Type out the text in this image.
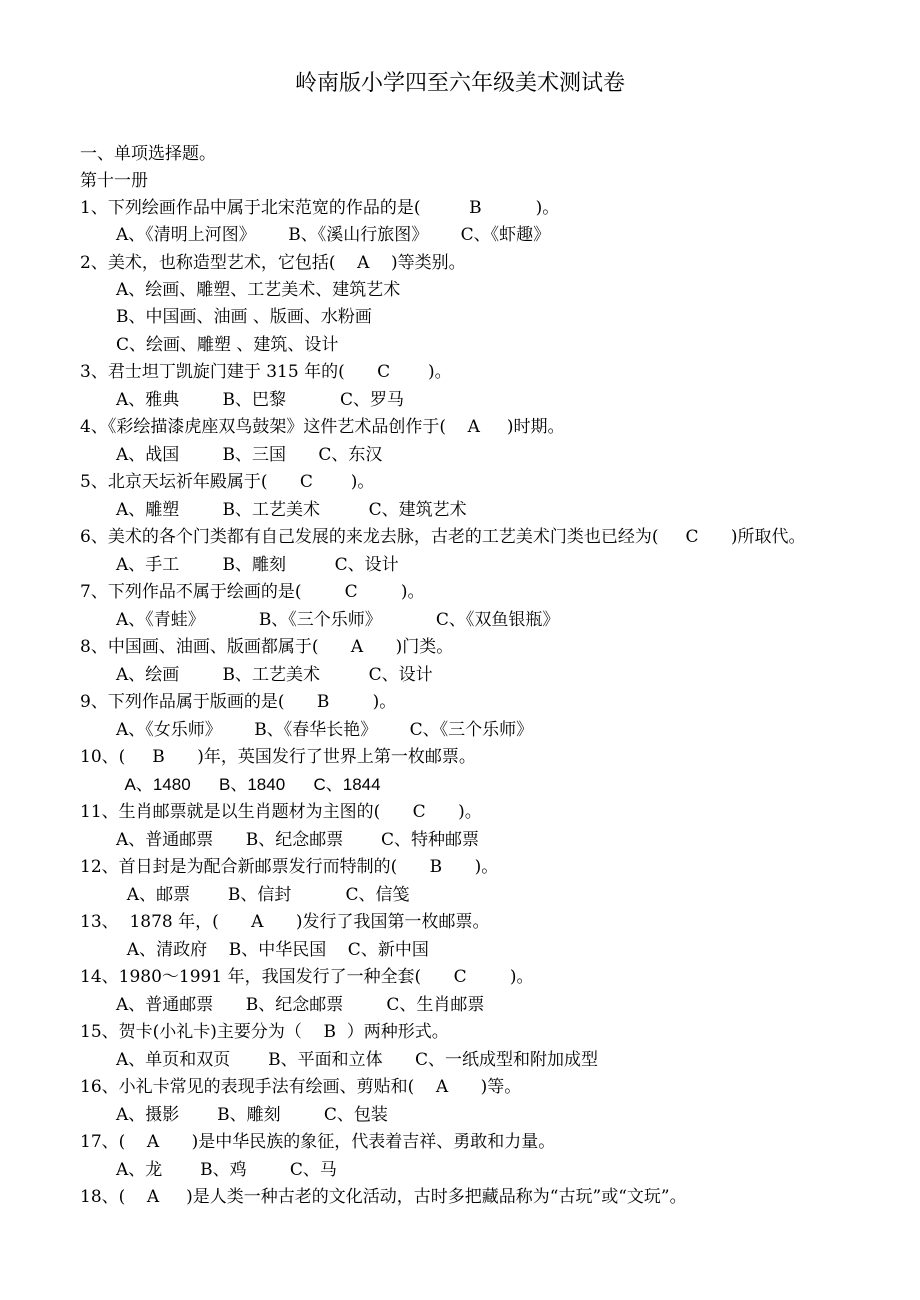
岭南版小学四至六年级美术测试卷
一、单项选择题。
第十一册
1、下列绘画作品中属于北宋范宽的作品的是(         B          )。
A、《清明上河图》      B、《溪山行旅图》      C、《虾趣》
2、美术，也称造型艺术，它包括(    A    )等类别。
A、绘画、雕塑、工艺美术、建筑艺术
B、中国画、油画 、版画、水粉画
C、绘画、雕塑 、建筑、设计
3、君士坦丁凯旋门建于 315 年的(      C       )。
A、雅典        B、巴黎          C、罗马
4、《彩绘描漆虎座双鸟鼓架》这件艺术品创作于(    A     )时期。
A、战国        B、三国      C、东汉
5、北京天坛祈年殿属于(      C       )。
A、雕塑        B、工艺美术         C、建筑艺术
6、美术的各个门类都有自己发展的来龙去脉，古老的工艺美术门类也已经为(     C      )所取代。
A、手工        B、雕刻         C、设计
7、下列作品不属于绘画的是(        C        )。
A、《青蛙》          B、《三个乐师》          C、《双鱼银瓶》
8、中国画、油画、版画都属于(      A      )门类。
A、绘画        B、工艺美术         C、设计
9、下列作品属于版画的是(      B        )。
A、《女乐师》      B、《春华长艳》      C、《三个乐师》
10、(     B      )年，英国发行了世界上第一枚邮票。
A、1480      B、1840      C、1844
11、生肖邮票就是以生肖题材为主图的(      C      )。
A、普通邮票      B、纪念邮票       C、特种邮票
12、首日封是为配合新邮票发行而特制的(      B      )。
A、邮票       B、信封          C、信笺
13、  1878 年，(      A      )发行了我国第一枚邮票。
A、清政府    B、中华民国    C、新中国
14、1980～1991 年，我国发行了一种全套(      C        )。
A、普通邮票      B、纪念邮票        C、生肖邮票
15、贺卡(小礼卡)主要分为（    B  ）两种形式。
A、单页和双页       B、平面和立体      C、一纸成型和附加成型
16、小礼卡常见的表现手法有绘画、剪贴和(    A      )等。
A、摄影       B、雕刻        C、包装
17、(    A      )是中华民族的象征，代表着吉祥、勇敢和力量。
A、龙       B、鸡        C、马
18、(    A     )是人类一种古老的文化活动，古时多把藏品称为“古玩”或“文玩”。
